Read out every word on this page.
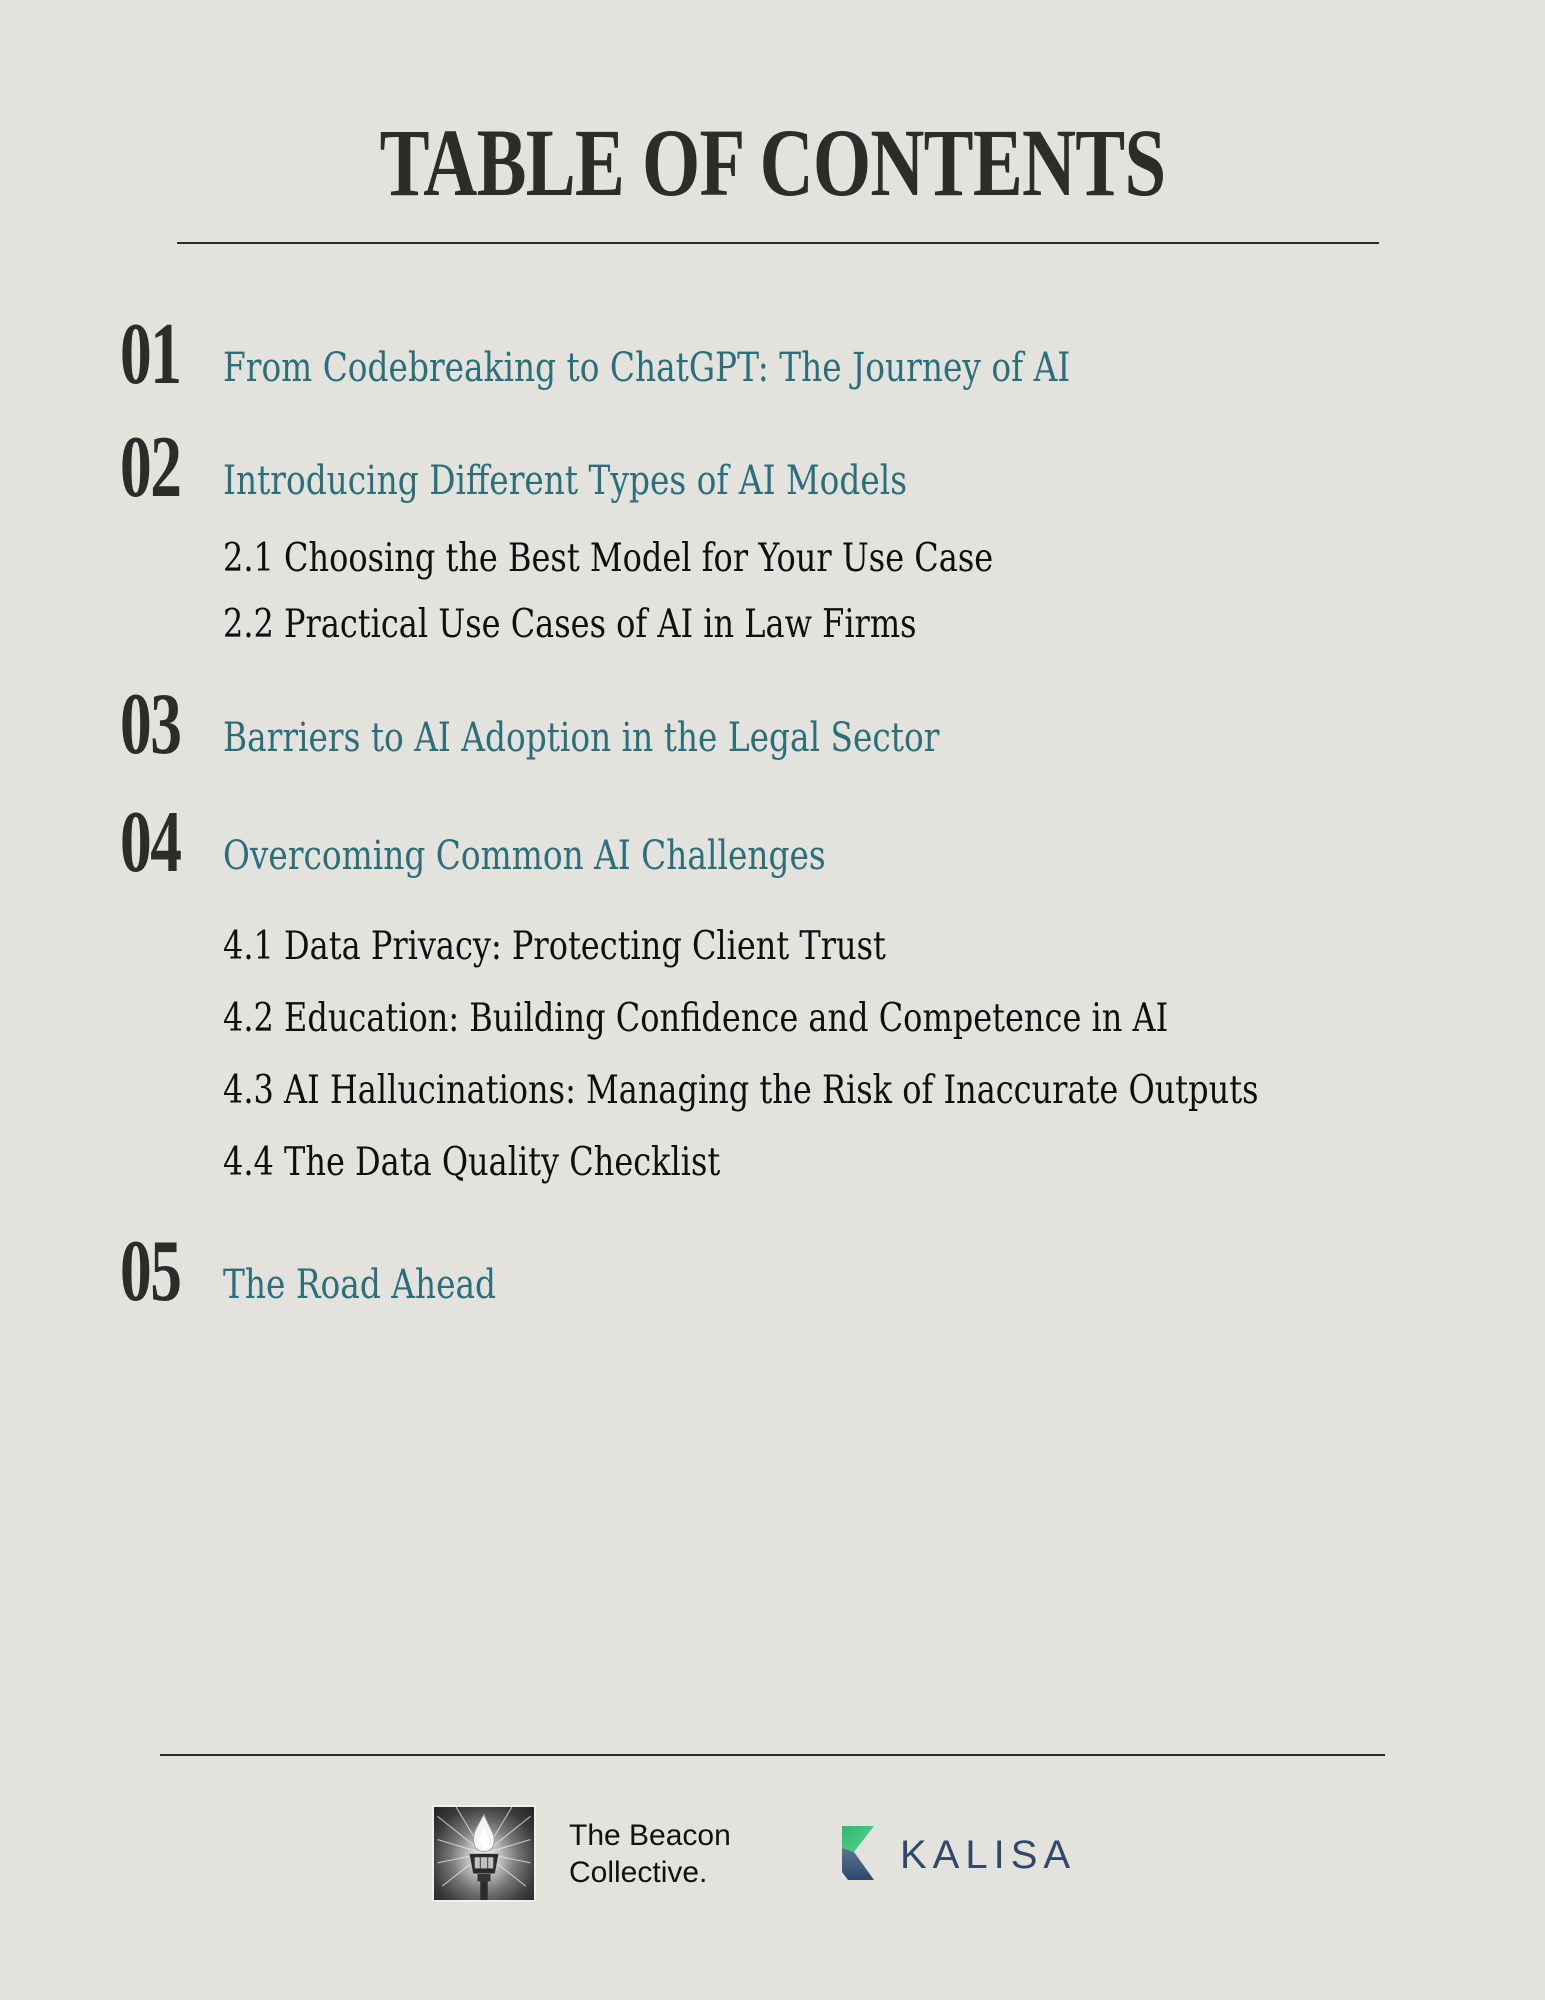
TABLE OF CONTENTS
01 From Codebreaking to ChatGPT: The Journey of AI
02 Introducing Different Types of AI Models
2.1 Choosing the Best Model for Your Use Case
2.2 Practical Use Cases of AI in Law Firms
03 Barriers to AI Adoption in the Legal Sector
04 Overcoming Common AI Challenges
4.1 Data Privacy: Protecting Client Trust
4.2 Education: Building Confidence and Competence in AI
4.3 AI Hallucinations: Managing the Risk of Inaccurate Outputs
4.4 The Data Quality Checklist
05 The Road Ahead
The Beacon
Collective.	KALISA
